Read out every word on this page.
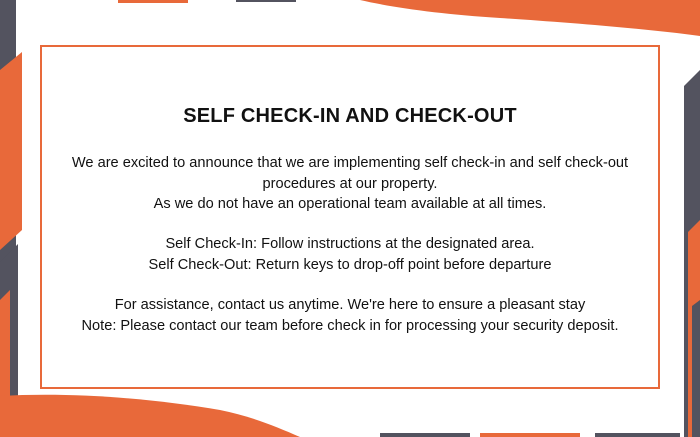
SELF CHECK-IN AND CHECK-OUT
We are excited to announce that we are implementing self check-in and self check-out
procedures at our property.
As we do not have an operational team available at all times.
Self Check-In: Follow instructions at the designated area.
Self Check-Out: Return keys to drop-off point before departure
For assistance, contact us anytime. We're here to ensure a pleasant stay
Note: Please contact our team before check in for processing your security deposit.
